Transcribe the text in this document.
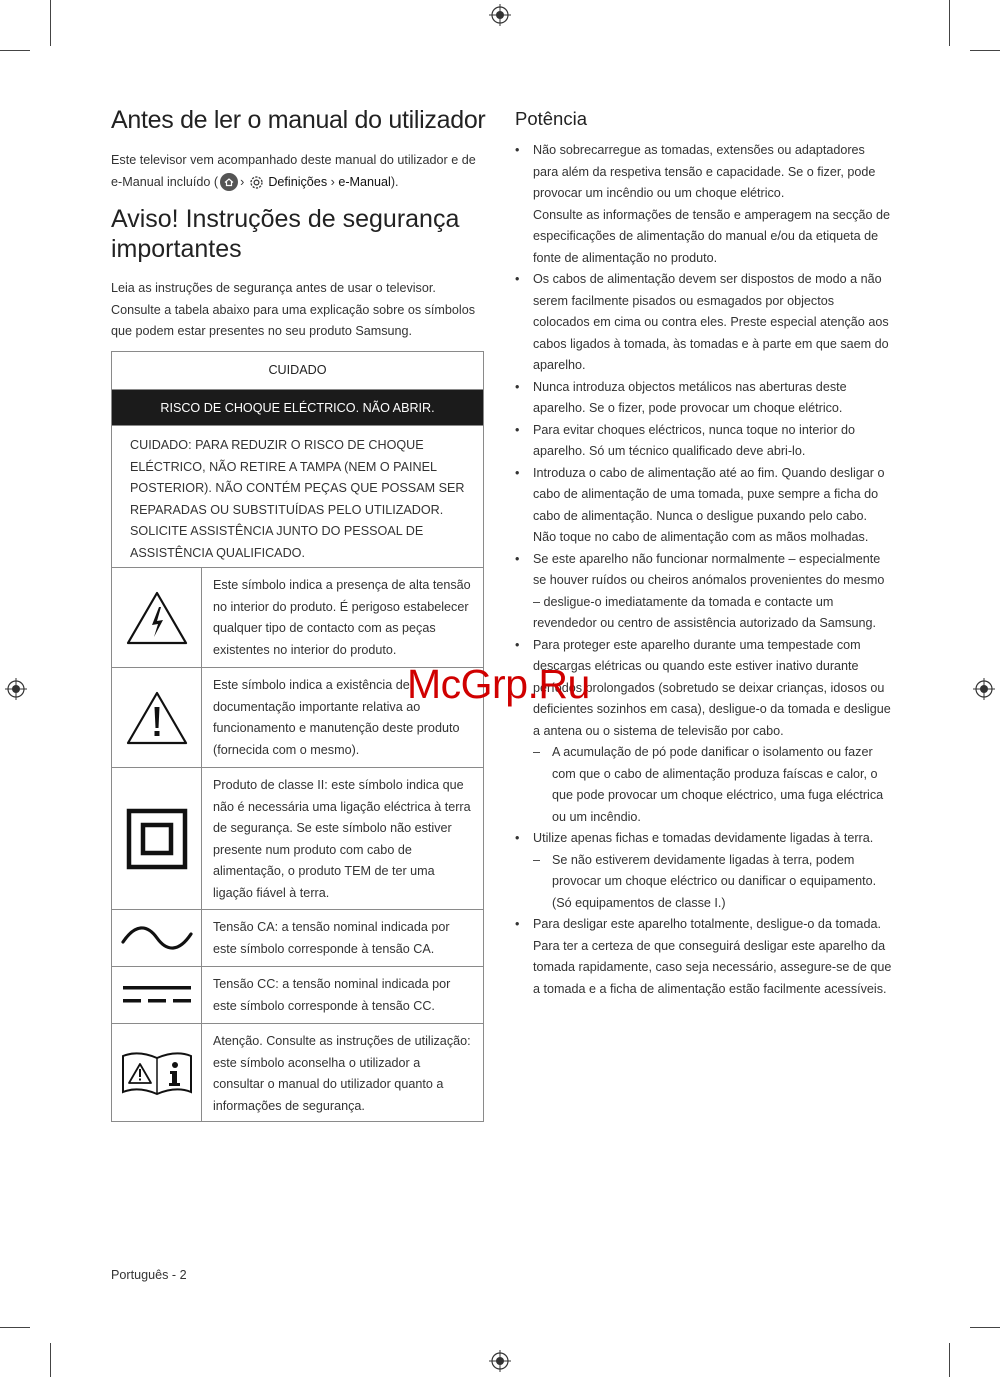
Antes de ler o manual do utilizador
Este televisor vem acompanhado deste manual do utilizador e de e-Manual incluído ( › Definições › e-Manual).
Aviso! Instruções de segurança importantes
Leia as instruções de segurança antes de usar o televisor. Consulte a tabela abaixo para uma explicação sobre os símbolos que podem estar presentes no seu produto Samsung.
CUIDADO
RISCO DE CHOQUE ELÉCTRICO. NÃO ABRIR.
CUIDADO: PARA REDUZIR O RISCO DE CHOQUE ELÉCTRICO, NÃO RETIRE A TAMPA (NEM O PAINEL POSTERIOR). NÃO CONTÉM PEÇAS QUE POSSAM SER REPARADAS OU SUBSTITUÍDAS PELO UTILIZADOR. SOLICITE ASSISTÊNCIA JUNTO DO PESSOAL DE ASSISTÊNCIA QUALIFICADO.
Este símbolo indica a presença de alta tensão no interior do produto. É perigoso estabelecer qualquer tipo de contacto com as peças existentes no interior do produto.
Este símbolo indica a existência de documentação importante relativa ao funcionamento e manutenção deste produto (fornecida com o mesmo).
Produto de classe II: este símbolo indica que não é necessária uma ligação eléctrica à terra de segurança. Se este símbolo não estiver presente num produto com cabo de alimentação, o produto TEM de ter uma ligação fiável à terra.
Tensão CA: a tensão nominal indicada por este símbolo corresponde à tensão CA.
Tensão CC: a tensão nominal indicada por este símbolo corresponde à tensão CC.
Atenção. Consulte as instruções de utilização: este símbolo aconselha o utilizador a consultar o manual do utilizador quanto a informações de segurança.
Potência
• Não sobrecarregue as tomadas, extensões ou adaptadores para além da respetiva tensão e capacidade. Se o fizer, pode provocar um incêndio ou um choque elétrico.
Consulte as informações de tensão e amperagem na secção de especificações de alimentação do manual e/ou da etiqueta de fonte de alimentação no produto.
• Os cabos de alimentação devem ser dispostos de modo a não serem facilmente pisados ou esmagados por objectos colocados em cima ou contra eles. Preste especial atenção aos cabos ligados à tomada, às tomadas e à parte em que saem do aparelho.
• Nunca introduza objectos metálicos nas aberturas deste aparelho. Se o fizer, pode provocar um choque elétrico.
• Para evitar choques eléctricos, nunca toque no interior do aparelho. Só um técnico qualificado deve abri-lo.
• Introduza o cabo de alimentação até ao fim. Quando desligar o cabo de alimentação de uma tomada, puxe sempre a ficha do cabo de alimentação. Nunca o desligue puxando pelo cabo. Não toque no cabo de alimentação com as mãos molhadas.
• Se este aparelho não funcionar normalmente – especialmente se houver ruídos ou cheiros anómalos provenientes do mesmo – desligue-o imediatamente da tomada e contacte um revendedor ou centro de assistência autorizado da Samsung.
• Para proteger este aparelho durante uma tempestade com descargas elétricas ou quando este estiver inativo durante períodos prolongados (sobretudo se deixar crianças, idosos ou deficientes sozinhos em casa), desligue-o da tomada e desligue a antena ou o sistema de televisão por cabo.
– A acumulação de pó pode danificar o isolamento ou fazer com que o cabo de alimentação produza faíscas e calor, o que pode provocar um choque eléctrico, uma fuga eléctrica ou um incêndio.
• Utilize apenas fichas e tomadas devidamente ligadas à terra.
– Se não estiverem devidamente ligadas à terra, podem provocar um choque eléctrico ou danificar o equipamento. (Só equipamentos de classe I.)
• Para desligar este aparelho totalmente, desligue-o da tomada. Para ter a certeza de que conseguirá desligar este aparelho da tomada rapidamente, caso seja necessário, assegure-se de que a tomada e a ficha de alimentação estão facilmente acessíveis.
McGrp.Ru
Português - 2
